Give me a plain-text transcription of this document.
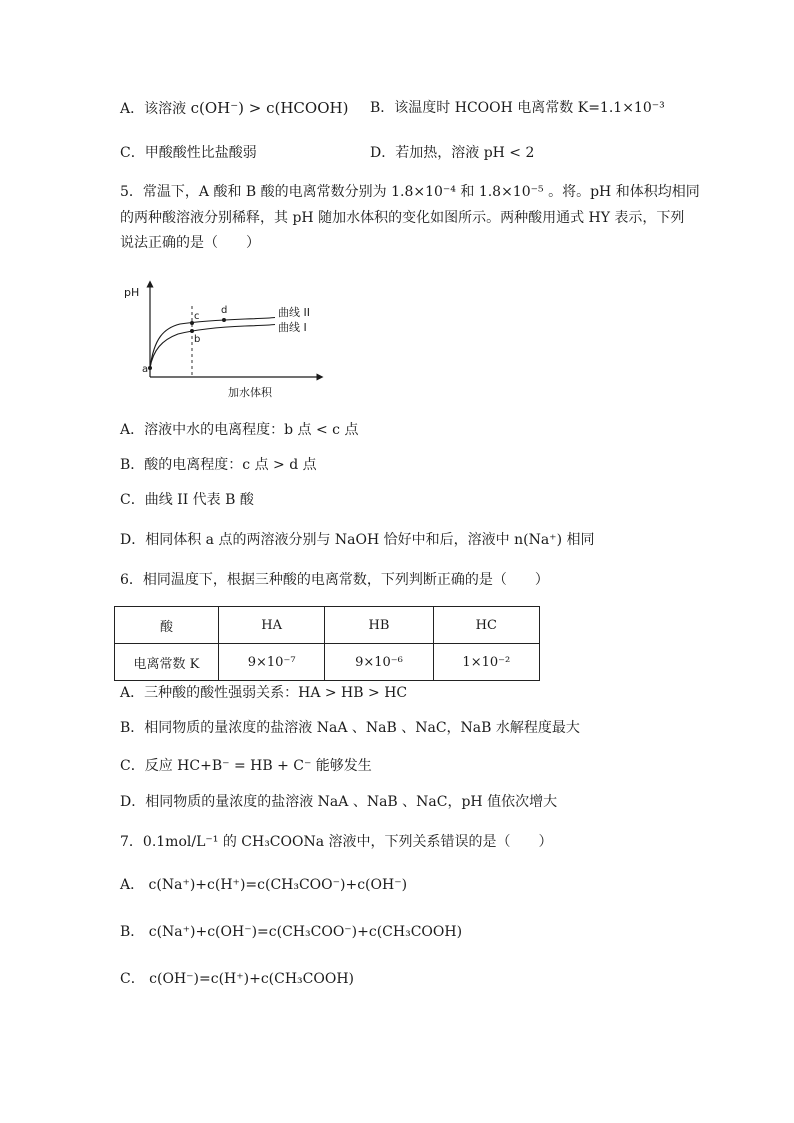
A．该溶液 c(OH⁻) > c(HCOOH) B．该温度时 HCOOH 电离常数 K=1.1×10⁻³
C．甲酸酸性比盐酸弱	D．若加热，溶液 pH < 2
5．常温下，A 酸和 B 酸的电离常数分别为 1.8×10⁻⁴ 和 1.8×10⁻⁵ 。将。pH 和体积均相同
的两种酸溶液分别稀释，其 pH 随加水体积的变化如图所示。两种酸用通式 HY 表示，下列
说法正确的是（　　）
pH
加水体积
a
b
c
d	曲线 II
曲线 I
A．溶液中水的电离程度：b 点 < c 点
B．酸的电离程度：c 点 > d 点
C．曲线 II 代表 B 酸
D．相同体积 a 点的两溶液分别与 NaOH 恰好中和后，溶液中 n(Na⁺) 相同
6．相同温度下，根据三种酸的电离常数，下列判断正确的是（　　）
酸	HA	HB	HC
电离常数 K	9×10⁻⁷	9×10⁻⁶	1×10⁻²
A．三种酸的酸性强弱关系：HA > HB > HC
B．相同物质的量浓度的盐溶液 NaA 、NaB 、NaC，NaB 水解程度最大
C．反应 HC+B⁻ = HB + C⁻ 能够发生
D．相同物质的量浓度的盐溶液 NaA 、NaB 、NaC，pH 值依次增大
7．0.1mol/L⁻¹ 的 CH₃COONa 溶液中，下列关系错误的是（　　）
A． c(Na⁺)+c(H⁺)=c(CH₃COO⁻)+c(OH⁻)
B． c(Na⁺)+c(OH⁻)=c(CH₃COO⁻)+c(CH₃COOH)
C． c(OH⁻)=c(H⁺)+c(CH₃COOH)
